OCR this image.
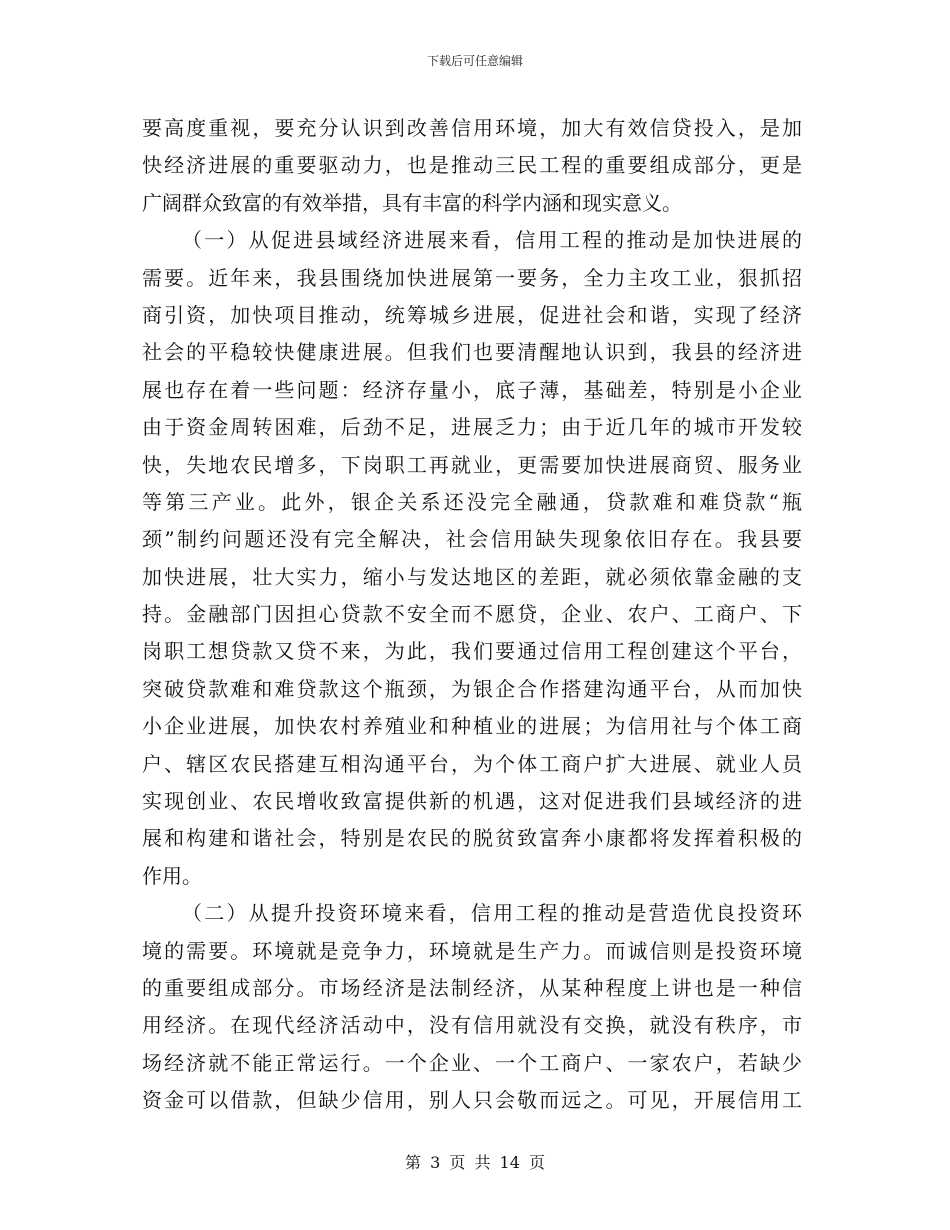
下载后可任意编辑
要高度重视，要充分认识到改善信用环境，加大有效信贷投入，是加
快经济进展的重要驱动力，也是推动三民工程的重要组成部分，更是
广阔群众致富的有效举措，具有丰富的科学内涵和现实意义。
（一）从促进县域经济进展来看，信用工程的推动是加快进展的
需要。近年来，我县围绕加快进展第一要务，全力主攻工业，狠抓招
商引资，加快项目推动，统筹城乡进展，促进社会和谐，实现了经济
社会的平稳较快健康进展。但我们也要清醒地认识到，我县的经济进
展也存在着一些问题：经济存量小，底子薄，基础差，特别是小企业
由于资金周转困难，后劲不足，进展乏力；由于近几年的城市开发较
快，失地农民增多，下岗职工再就业，更需要加快进展商贸、服务业
等第三产业。此外，银企关系还没完全融通，贷款难和难贷款“瓶
颈”制约问题还没有完全解决，社会信用缺失现象依旧存在。我县要
加快进展，壮大实力，缩小与发达地区的差距，就必须依靠金融的支
持。金融部门因担心贷款不安全而不愿贷，企业、农户、工商户、下
岗职工想贷款又贷不来，为此，我们要通过信用工程创建这个平台，
突破贷款难和难贷款这个瓶颈，为银企合作搭建沟通平台，从而加快
小企业进展，加快农村养殖业和种植业的进展；为信用社与个体工商
户、辖区农民搭建互相沟通平台，为个体工商户扩大进展、就业人员
实现创业、农民增收致富提供新的机遇，这对促进我们县域经济的进
展和构建和谐社会，特别是农民的脱贫致富奔小康都将发挥着积极的
作用。
（二）从提升投资环境来看，信用工程的推动是营造优良投资环
境的需要。环境就是竞争力，环境就是生产力。而诚信则是投资环境
的重要组成部分。市场经济是法制经济，从某种程度上讲也是一种信
用经济。在现代经济活动中，没有信用就没有交换，就没有秩序，市
场经济就不能正常运行。一个企业、一个工商户、一家农户，若缺少
资金可以借款，但缺少信用，别人只会敬而远之。可见，开展信用工
第 3 页 共 14 页
